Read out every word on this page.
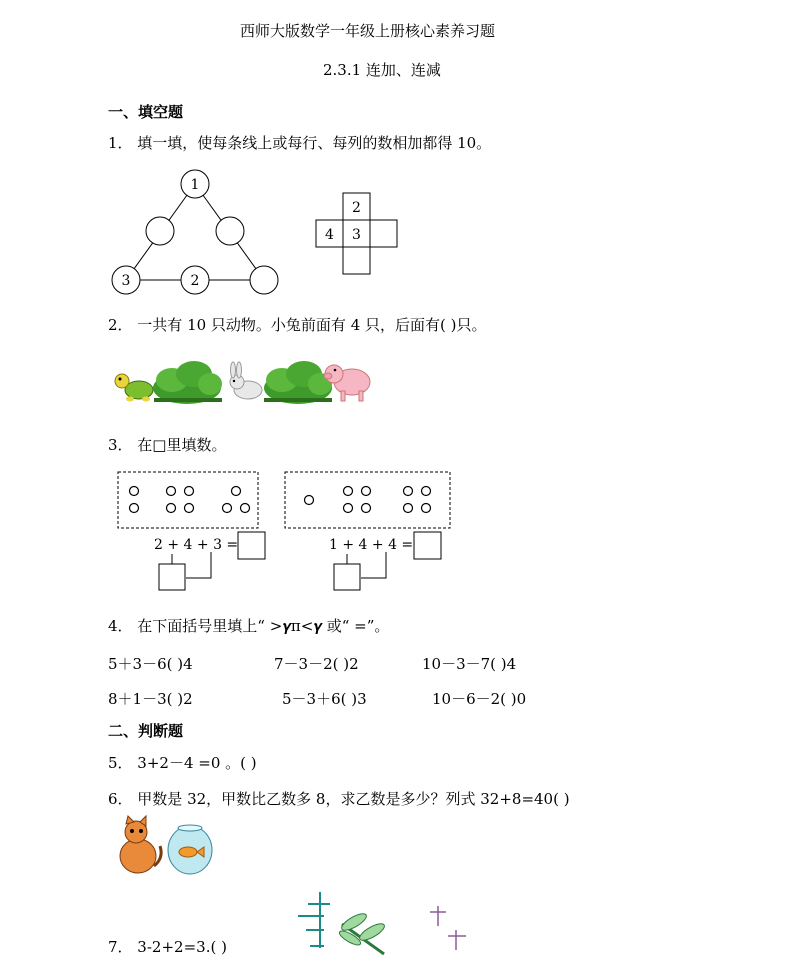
西师大版数学一年级上册核心素养习题
2.3.1 连加、连减
一、填空题
1． 填一填，使每条线上或每行、每列的数相加都得 10。
1
3	2
2
4 3
2． 一共有 10 只动物。小兔前面有 4 只，后面有( )只。
3． 在□里填数。
2 + 4 + 3 =	1 + 4 + 4 =
4． 在下面括号里填上“ >𝜸π<𝜸 或“ =”。
5＋3－6( )4	7－3－2( )2	10－3－7( )4
8＋1－3( )2	5－3＋6( )3	10－6－2( )0
二、判断题
5． 3+2－4 =0 。( )
6． 甲数是 32，甲数比乙数多 8，求乙数是多少？列式 32+8=40( )
7． 3-2+2=3.( )
